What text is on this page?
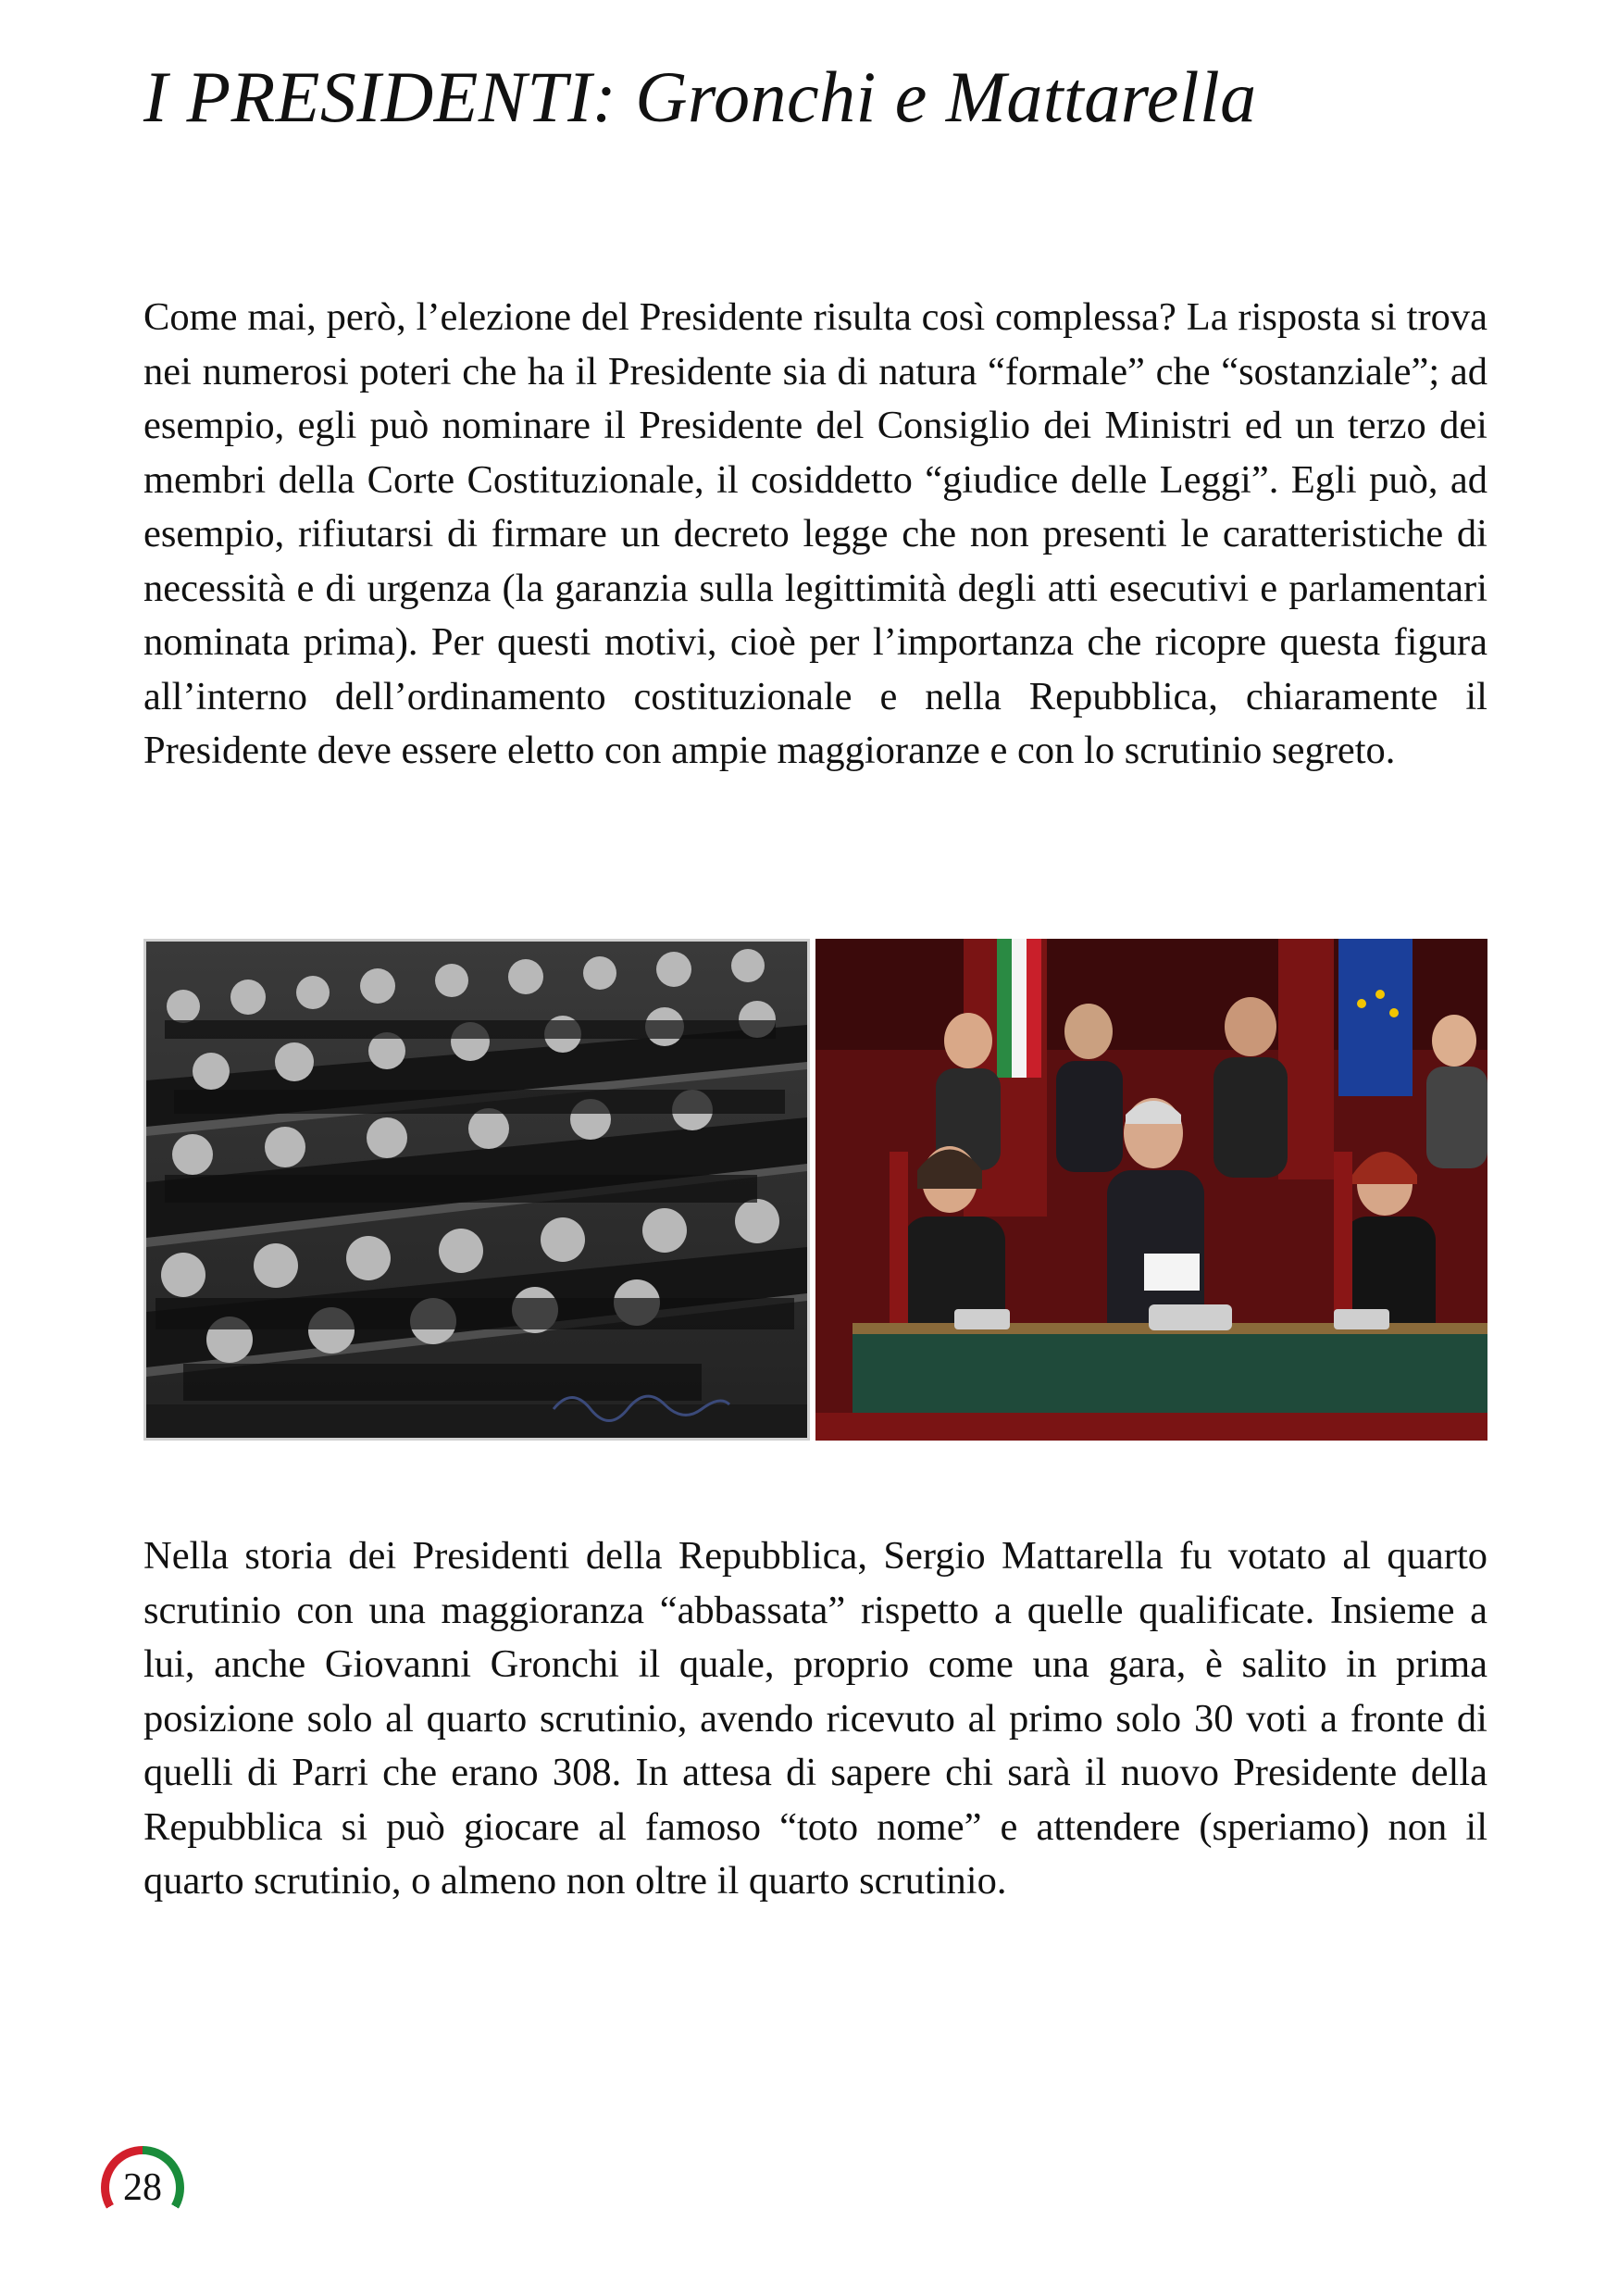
I PRESIDENTI: Gronchi e Mattarella

Come mai, però, l’elezione del Presidente risulta così complessa? La risposta si trova nei numerosi poteri che ha il Presidente sia di natura “formale” che “sostanziale”; ad esempio, egli può nominare il Presidente del Consiglio dei Ministri ed un terzo dei membri della Corte Costituzionale, il cosiddetto “giudice delle Leggi”. Egli può, ad esempio, rifiutarsi di firmare un decreto legge che non presenti le caratteristiche di necessità e di urgenza (la garanzia sulla legittimità degli atti esecutivi e parlamentari nominata prima). Per questi motivi, cioè per l’importanza che ricopre questa figura all’interno dell’ordinamento costituzionale e nella Repubblica, chiaramente il Presidente deve essere eletto con ampie maggioranze e con lo scrutinio segreto.

Nella storia dei Presidenti della Repubblica, Sergio Mattarella fu votato al quarto scrutinio con una maggioranza “abbassata” rispetto a quelle qualificate. Insieme a lui, anche Giovanni Gronchi il quale, proprio come una gara, è salito in prima posizione solo al quarto scrutinio, avendo ricevuto al primo solo 30 voti a fronte di quelli di Parri che erano 308. In attesa di sapere chi sarà il nuovo Presidente della Repubblica si può giocare al famoso “toto nome” e attendere (speriamo) non il quarto scrutinio, o almeno non oltre il quarto scrutinio.

28
